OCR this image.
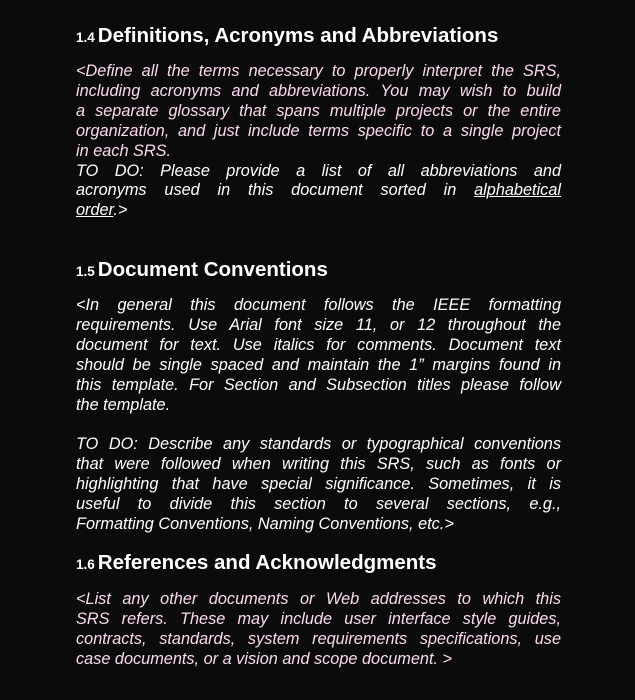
1.4 Definitions, Acronyms and Abbreviations
<Define all the terms necessary to properly interpret the SRS,
including acronyms and abbreviations. You may wish to build
a separate glossary that spans multiple projects or the entire
organization, and just include terms specific to a single project
in each SRS.
TO DO: Please provide a list of all abbreviations and
acronyms used in this document sorted in alphabetical
order.>
1.5 Document Conventions
<In general this document follows the IEEE formatting
requirements. Use Arial font size 11, or 12 throughout the
document for text. Use italics for comments. Document text
should be single spaced and maintain the 1” margins found in
this template. For Section and Subsection titles please follow
the template.
TO DO: Describe any standards or typographical conventions
that were followed when writing this SRS, such as fonts or
highlighting that have special significance. Sometimes, it is
useful to divide this section to several sections, e.g.,
Formatting Conventions, Naming Conventions, etc.>
1.6 References and Acknowledgments
<List any other documents or Web addresses to which this
SRS refers. These may include user interface style guides,
contracts, standards, system requirements specifications, use
case documents, or a vision and scope document. >
